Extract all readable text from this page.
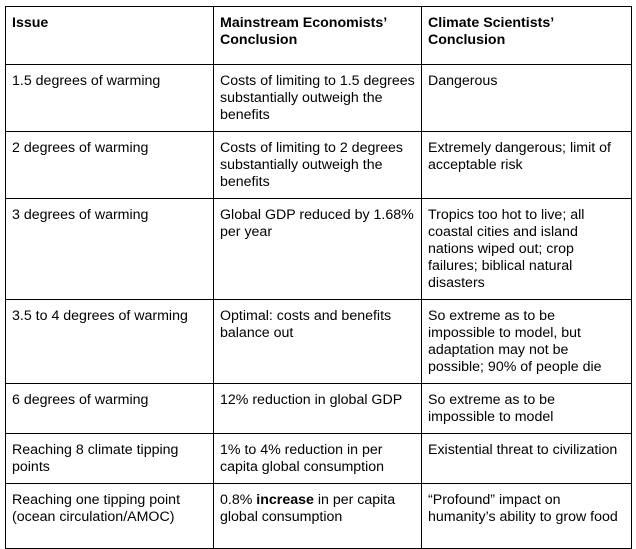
Issue	Mainstream Economists’ Conclusion	Climate Scientists’ Conclusion
1.5 degrees of warming	Costs of limiting to 1.5 degrees substantially outweigh the benefits	Dangerous
2 degrees of warming	Costs of limiting to 2 degrees substantially outweigh the benefits	Extremely dangerous; limit of acceptable risk
3 degrees of warming	Global GDP reduced by 1.68% per year	Tropics too hot to live; all coastal cities and island nations wiped out; crop failures; biblical natural disasters
3.5 to 4 degrees of warming	Optimal: costs and benefits balance out	So extreme as to be impossible to model, but adaptation may not be possible; 90% of people die
6 degrees of warming	12% reduction in global GDP	So extreme as to be impossible to model
Reaching 8 climate tipping points	1% to 4% reduction in per capita global consumption	Existential threat to civilization
Reaching one tipping point (ocean circulation/AMOC)	0.8% increase in per capita global consumption	“Profound” impact on humanity’s ability to grow food
